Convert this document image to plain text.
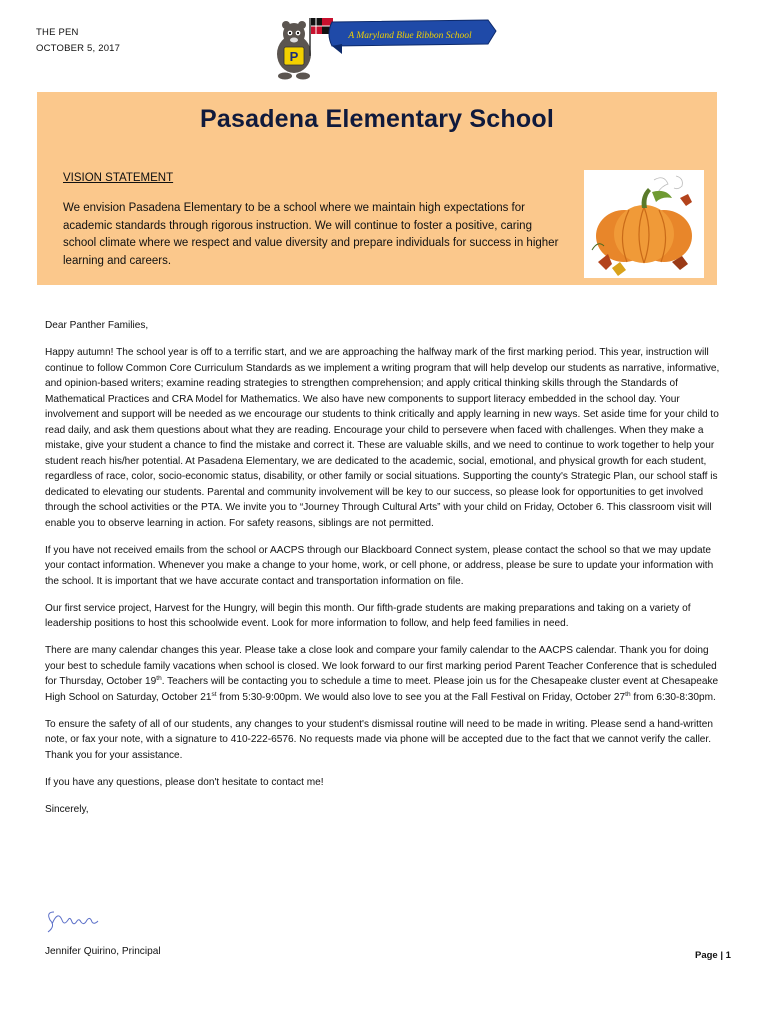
THE PEN
OCTOBER 5, 2017
P
A Maryland Blue Ribbon School
Pasadena Elementary School
VISION STATEMENT
We envision Pasadena Elementary to be a school where we maintain high expectations for academic standards through rigorous instruction. We will continue to foster a positive, caring school climate where we respect and value diversity and prepare individuals for success in higher learning and careers.

Dear Panther Families,

Happy autumn! The school year is off to a terrific start, and we are approaching the halfway mark of the first marking period. This year, instruction will continue to follow Common Core Curriculum Standards as we implement a writing program that will help develop our students as narrative, informative, and opinion-based writers; examine reading strategies to strengthen comprehension; and apply critical thinking skills through the Standards of Mathematical Practices and CRA Model for Mathematics. We also have new components to support literacy embedded in the school day. Your involvement and support will be needed as we encourage our students to think critically and apply learning in new ways. Set aside time for your child to read daily, and ask them questions about what they are reading. Encourage your child to persevere when faced with challenges. When they make a mistake, give your student a chance to find the mistake and correct it. These are valuable skills, and we need to continue to work together to help your student reach his/her potential. At Pasadena Elementary, we are dedicated to the academic, social, emotional, and physical growth for each student, regardless of race, color, socio-economic status, disability, or other family or social situations. Supporting the county's Strategic Plan, our school staff is dedicated to elevating our students. Parental and community involvement will be key to our success, so please look for opportunities to get involved through the school activities or the PTA. We invite you to “Journey Through Cultural Arts” with your child on Friday, October 6. This classroom visit will enable you to observe learning in action. For safety reasons, siblings are not permitted.

If you have not received emails from the school or AACPS through our Blackboard Connect system, please contact the school so that we may update your contact information. Whenever you make a change to your home, work, or cell phone, or address, please be sure to update your information with the school. It is important that we have accurate contact and transportation information on file.

Our first service project, Harvest for the Hungry, will begin this month. Our fifth-grade students are making preparations and taking on a variety of leadership positions to host this schoolwide event. Look for more information to follow, and help feed families in need.

There are many calendar changes this year. Please take a close look and compare your family calendar to the AACPS calendar. Thank you for doing your best to schedule family vacations when school is closed. We look forward to our first marking period Parent Teacher Conference that is scheduled for Thursday, October 19th. Teachers will be contacting you to schedule a time to meet. Please join us for the Chesapeake cluster event at Chesapeake High School on Saturday, October 21st from 5:30-9:00pm. We would also love to see you at the Fall Festival on Friday, October 27th from 6:30-8:30pm.

To ensure the safety of all of our students, any changes to your student's dismissal routine will need to be made in writing. Please send a hand-written note, or fax your note, with a signature to 410-222-6576. No requests made via phone will be accepted due to the fact that we cannot verify the caller. Thank you for your assistance.

If you have any questions, please don't hesitate to contact me!

Sincerely,

Jennifer Quirino, Principal	Page | 1
